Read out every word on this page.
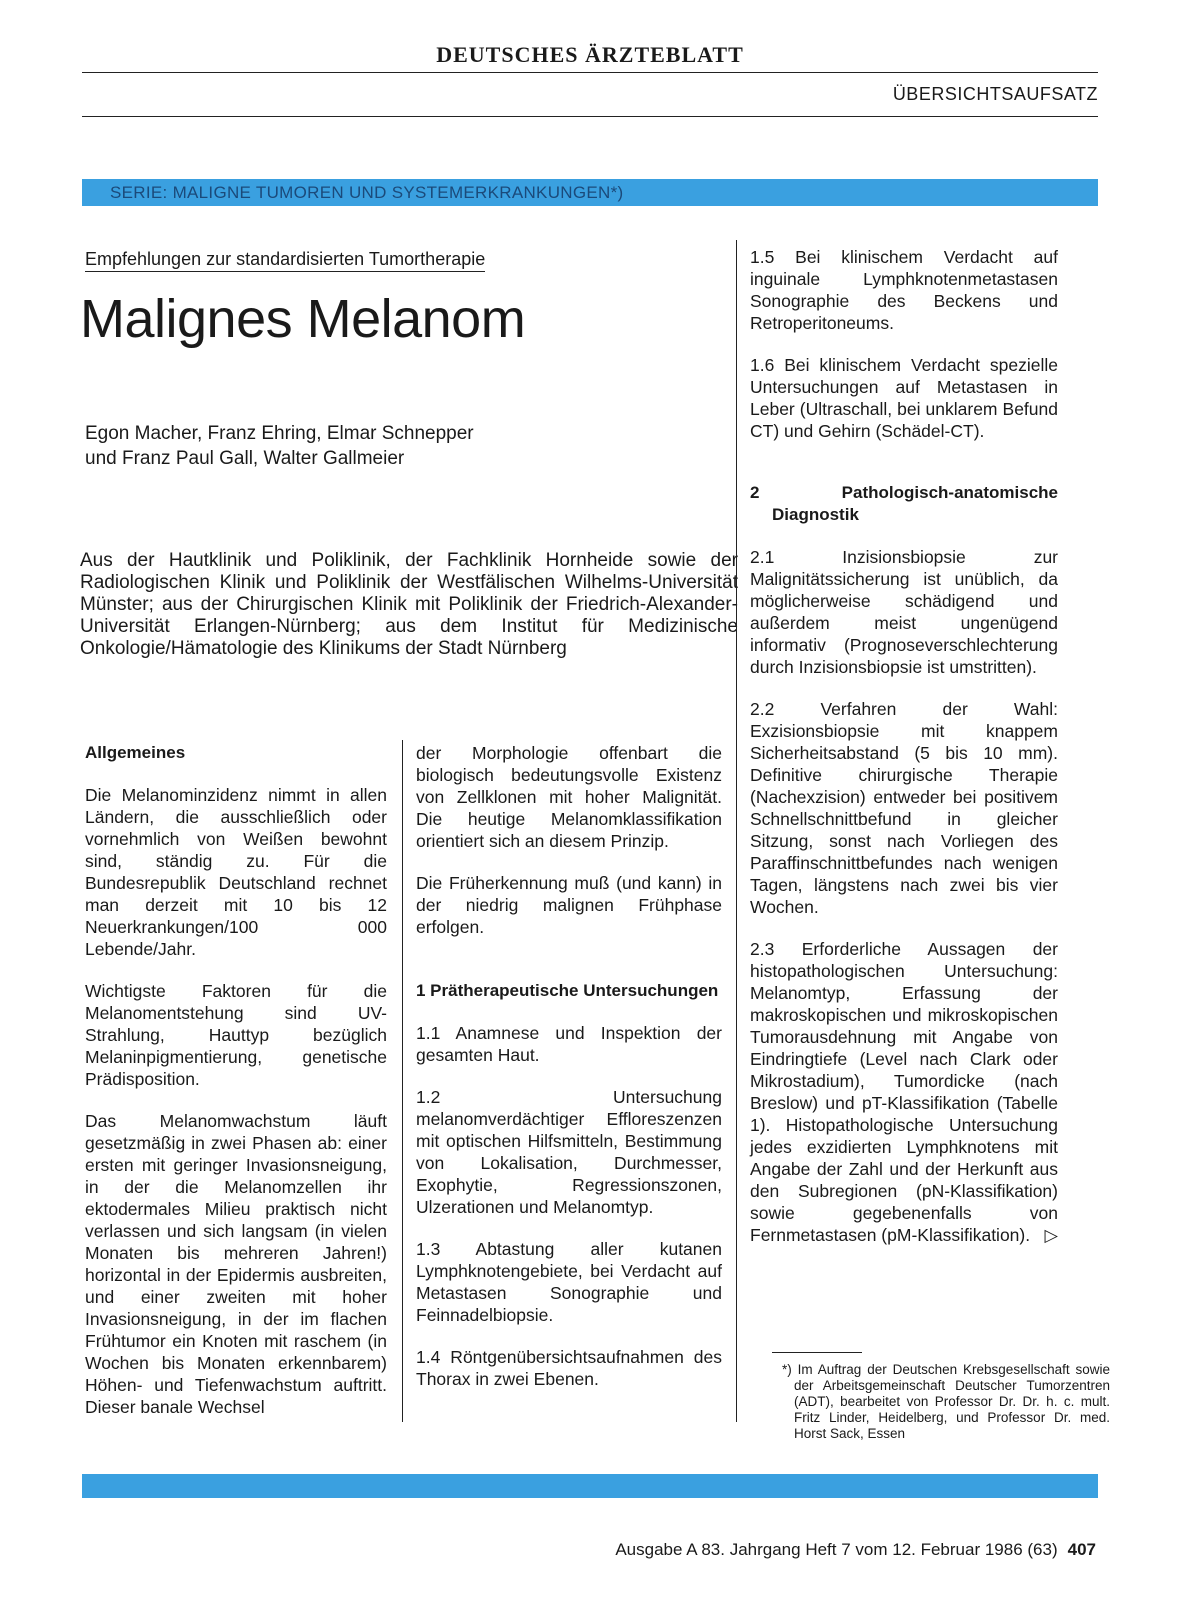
DEUTSCHES ÄRZTEBLATT
ÜBERSICHTSAUFSATZ
SERIE: MALIGNE TUMOREN UND SYSTEMERKRANKUNGEN*)
Empfehlungen zur standardisierten Tumortherapie
Malignes Melanom
Egon Macher, Franz Ehring, Elmar Schnepper
und Franz Paul Gall, Walter Gallmeier
Aus der Hautklinik und Poliklinik, der Fachklinik Hornheide sowie der Radiologischen Klinik und Poliklinik der Westfälischen Wilhelms-Universität Münster; aus der Chirurgischen Klinik mit Poliklinik der Friedrich-Alexander-Universität Erlangen-Nürnberg; aus dem Institut für Medizinische Onkologie/Hämatologie des Klinikums der Stadt Nürnberg
Allgemeines

Die Melanominzidenz nimmt in allen Ländern, die ausschließlich oder vornehmlich von Weißen bewohnt sind, ständig zu. Für die Bundesrepublik Deutschland rechnet man derzeit mit 10 bis 12 Neuerkrankungen/100 000 Lebende/Jahr.

Wichtigste Faktoren für die Melanomentstehung sind UV-Strahlung, Hauttyp bezüglich Melaninpigmentierung, genetische Prädisposition.

Das Melanomwachstum läuft gesetzmäßig in zwei Phasen ab: einer ersten mit geringer Invasionsneigung, in der die Melanomzellen ihr ektodermales Milieu praktisch nicht verlassen und sich langsam (in vielen Monaten bis mehreren Jahren!) horizontal in der Epidermis ausbreiten, und einer zweiten mit hoher Invasionsneigung, in der im flachen Frühtumor ein Knoten mit raschem (in Wochen bis Monaten erkennbarem) Höhen- und Tiefenwachstum auftritt. Dieser banale Wechsel

der Morphologie offenbart die biologisch bedeutungsvolle Existenz von Zellklonen mit hoher Malignität. Die heutige Melanomklassifikation orientiert sich an diesem Prinzip.

Die Früherkennung muß (und kann) in der niedrig malignen Frühphase erfolgen.

1 Prätherapeutische Untersuchungen

1.1 Anamnese und Inspektion der gesamten Haut.

1.2 Untersuchung melanomverdächtiger Effloreszenzen mit optischen Hilfsmitteln, Bestimmung von Lokalisation, Durchmesser, Exophytie, Regressionszonen, Ulzerationen und Melanomtyp.

1.3 Abtastung aller kutanen Lymphknotengebiete, bei Verdacht auf Metastasen Sonographie und Feinnadelbiopsie.

1.4 Röntgenübersichtsaufnahmen des Thorax in zwei Ebenen.

1.5 Bei klinischem Verdacht auf inguinale Lymphknotenmetastasen Sonographie des Beckens und Retroperitoneums.

1.6 Bei klinischem Verdacht spezielle Untersuchungen auf Metastasen in Leber (Ultraschall, bei unklarem Befund CT) und Gehirn (Schädel-CT).

2 Pathologisch-anatomische Diagnostik

2.1 Inzisionsbiopsie zur Malignitätssicherung ist unüblich, da möglicherweise schädigend und außerdem meist ungenügend informativ (Prognoseverschlechterung durch Inzisionsbiopsie ist umstritten).

2.2 Verfahren der Wahl: Exzisionsbiopsie mit knappem Sicherheitsabstand (5 bis 10 mm). Definitive chirurgische Therapie (Nachexzision) entweder bei positivem Schnellschnittbefund in gleicher Sitzung, sonst nach Vorliegen des Paraffinschnittbefundes nach wenigen Tagen, längstens nach zwei bis vier Wochen.

2.3 Erforderliche Aussagen der histopathologischen Untersuchung: Melanomtyp, Erfassung der makroskopischen und mikroskopischen Tumorausdehnung mit Angabe von Eindringtiefe (Level nach Clark oder Mikrostadium), Tumordicke (nach Breslow) und pT-Klassifikation (Tabelle 1). Histopathologische Untersuchung jedes exzidierten Lymphknotens mit Angabe der Zahl und der Herkunft aus den Subregionen (pN-Klassifikation) sowie gegebenenfalls von Fernmetastasen (pM-Klassifikation). ▷

*) Im Auftrag der Deutschen Krebsgesellschaft sowie der Arbeitsgemeinschaft Deutscher Tumorzentren (ADT), bearbeitet von Professor Dr. Dr. h. c. mult. Fritz Linder, Heidelberg, und Professor Dr. med. Horst Sack, Essen
Ausgabe A 83. Jahrgang Heft 7 vom 12. Februar 1986 (63) 407
